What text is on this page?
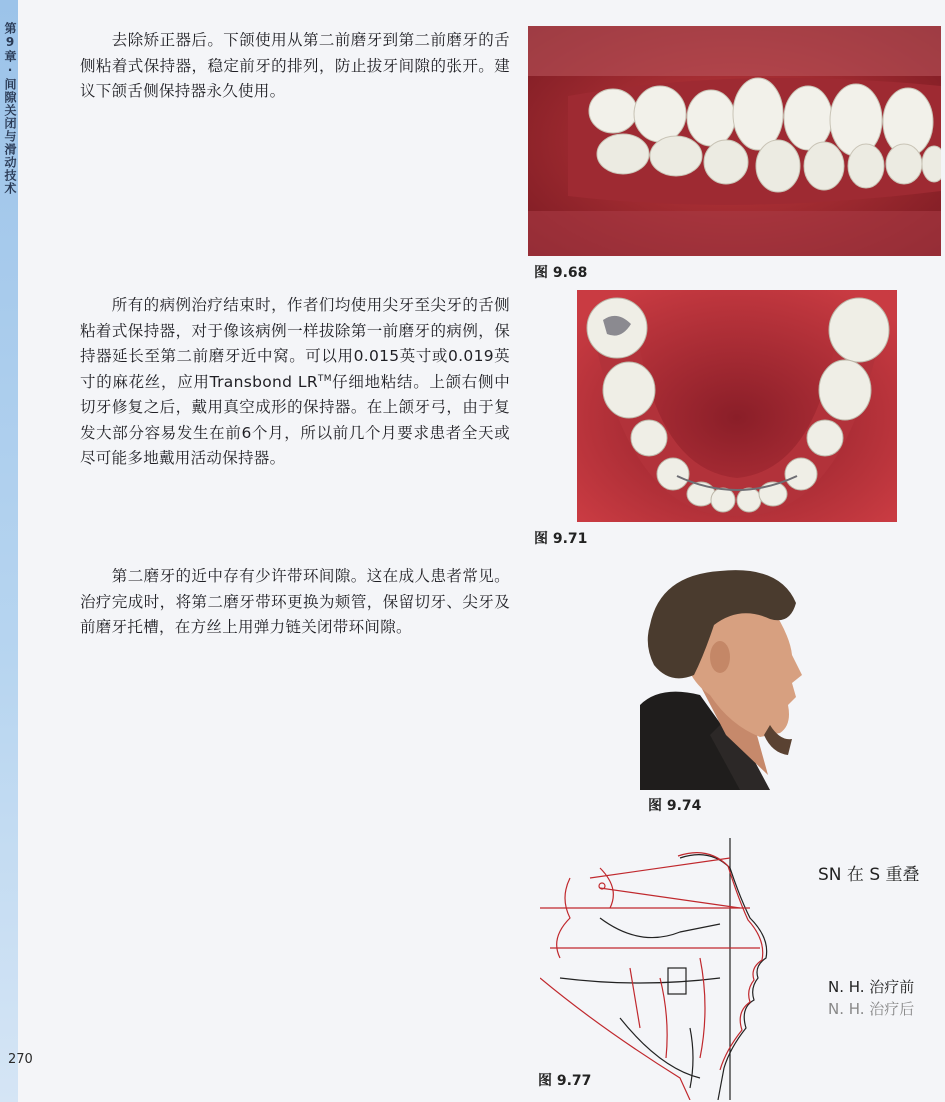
第9章·间隙关闭与滑动技术
270

去除矫正器后。下颌使用从第二前磨牙到第二前磨牙的舌侧粘着式保持器，稳定前牙的排列，防止拔牙间隙的张开。建议下颌舌侧保持器永久使用。

所有的病例治疗结束时，作者们均使用尖牙至尖牙的舌侧粘着式保持器，对于像该病例一样拔除第一前磨牙的病例，保持器延长至第二前磨牙近中窝。可以用0.015英寸或0.019英寸的麻花丝，应用Transbond LR™仔细地粘结。上颌右侧中切牙修复之后，戴用真空成形的保持器。在上颌牙弓，由于复发大部分容易发生在前6个月，所以前几个月要求患者全天或尽可能多地戴用活动保持器。

第二磨牙的近中存有少许带环间隙。这在成人患者常见。治疗完成时，将第二磨牙带环更换为颊管，保留切牙、尖牙及前磨牙托槽，在方丝上用弹力链关闭带环间隙。

图 9.68
图 9.71
图 9.74
图 9.77
SN 在 S 重叠
N. H. 治疗前
N. H. 治疗后
